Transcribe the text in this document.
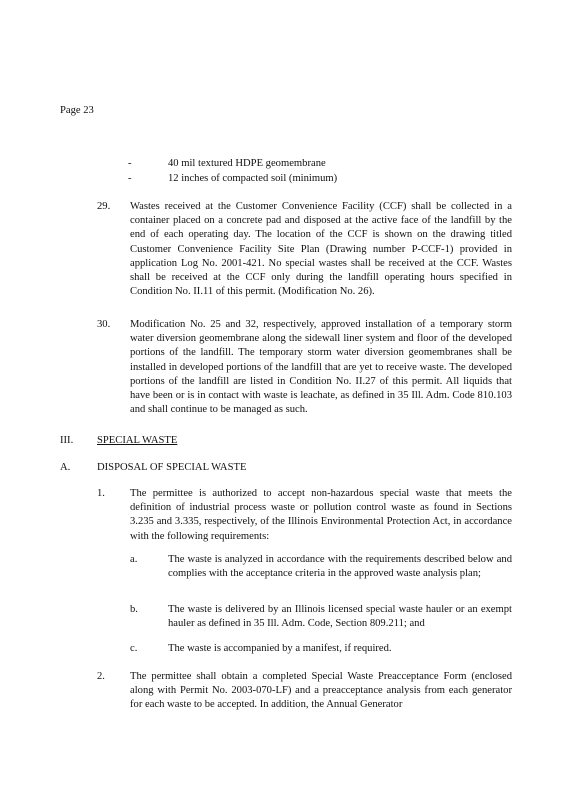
Page 23
-	40 mil textured HDPE geomembrane
-	12 inches of compacted soil (minimum)
29. Wastes received at the Customer Convenience Facility (CCF) shall be collected in a container placed on a concrete pad and disposed at the active face of the landfill by the end of each operating day. The location of the CCF is shown on the drawing titled Customer Convenience Facility Site Plan (Drawing number P-CCF-1) provided in application Log No. 2001-421. No special wastes shall be received at the CCF. Wastes shall be received at the CCF only during the landfill operating hours specified in Condition No. II.11 of this permit. (Modification No. 26).
30. Modification No. 25 and 32, respectively, approved installation of a temporary storm water diversion geomembrane along the sidewall liner system and floor of the developed portions of the landfill. The temporary storm water diversion geomembranes shall be installed in developed portions of the landfill that are yet to receive waste. The developed portions of the landfill are listed in Condition No. II.27 of this permit. All liquids that have been or is in contact with waste is leachate, as defined in 35 Ill. Adm. Code 810.103 and shall continue to be managed as such.
III. SPECIAL WASTE
A.	DISPOSAL OF SPECIAL WASTE
1. The permittee is authorized to accept non-hazardous special waste that meets the definition of industrial process waste or pollution control waste as found in Sections 3.235 and 3.335, respectively, of the Illinois Environmental Protection Act, in accordance with the following requirements:
a.	The waste is analyzed in accordance with the requirements described below and complies with the acceptance criteria in the approved waste analysis plan;
b.	The waste is delivered by an Illinois licensed special waste hauler or an exempt hauler as defined in 35 Ill. Adm. Code, Section 809.211; and
c.	The waste is accompanied by a manifest, if required.
2. The permittee shall obtain a completed Special Waste Preacceptance Form (enclosed along with Permit No. 2003-070-LF) and a preacceptance analysis from each generator for each waste to be accepted. In addition, the Annual Generator
